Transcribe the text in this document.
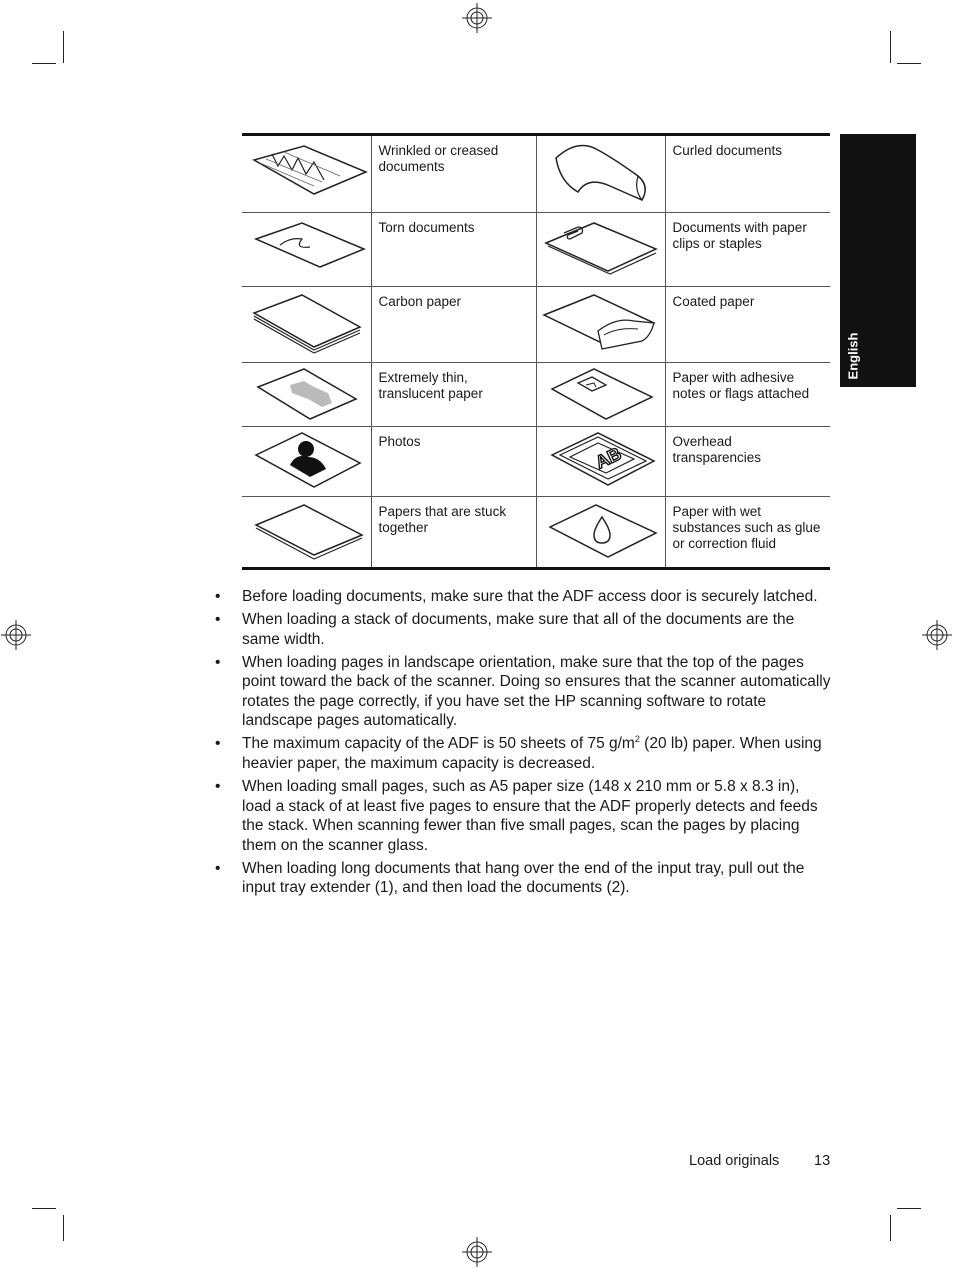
English
	Wrinkled or creased documents		Curled documents

	Torn documents		Documents with paper clips or staples

	Carbon paper		Coated paper

	Extremely thin, translucent paper		Paper with adhesive notes or flags attached

	Photos	AB	Overhead transparencies

	Papers that are stuck together		Paper with wet substances such as glue or correction fluid
• Before loading documents, make sure that the ADF access door is securely latched.
• When loading a stack of documents, make sure that all of the documents are the same width.
• When loading pages in landscape orientation, make sure that the top of the pages point toward the back of the scanner. Doing so ensures that the scanner automatically rotates the page correctly, if you have set the HP scanning software to rotate landscape pages automatically.
• The maximum capacity of the ADF is 50 sheets of 75 $g/m^2$ (20 lb) paper. When using heavier paper, the maximum capacity is decreased.
• When loading small pages, such as A5 paper size (148 x 210 mm or 5.8 x 8.3 in), load a stack of at least five pages to ensure that the ADF properly detects and feeds the stack. When scanning fewer than five small pages, scan the pages by placing them on the scanner glass.
• When loading long documents that hang over the end of the input tray, pull out the input tray extender (1), and then load the documents (2).
Load originals 13
